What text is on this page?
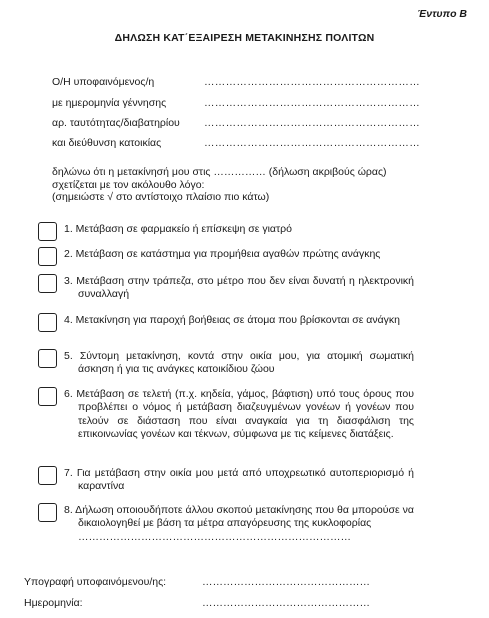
Έντυπο Β
ΔΗΛΩΣΗ ΚΑΤ΄ΕΞΑΙΡΕΣΗ ΜΕΤΑΚΙΝΗΣΗΣ ΠΟΛΙΤΩΝ
Ο/Η υποφαινόμενος/η	……………………………………………………
με ημερομηνία γέννησης	……………………………………………………
αρ. ταυτότητας/διαβατηρίου ……………………………………………………
και διεύθυνση κατοικίας	……………………………………………………
δηλώνω ότι η μετακίνησή μου στις …………… (δήλωση ακριβούς ώρας)
σχετίζεται με τον ακόλουθο λόγο:
(σημειώστε √ στο αντίστοιχο πλαίσιο πιο κάτω)
1. Μετάβαση σε φαρμακείο ή επίσκεψη σε γιατρό
2. Μετάβαση σε κατάστημα για προμήθεια αγαθών πρώτης ανάγκης
3. Μετάβαση στην τράπεζα, στο μέτρο που δεν είναι δυνατή η ηλεκτρονική συναλλαγή
4. Μετακίνηση για παροχή βοήθειας σε άτομα που βρίσκονται σε ανάγκη
5. Σύντομη μετακίνηση, κοντά στην οικία μου, για ατομική σωματική άσκηση ή για τις ανάγκες κατοικίδιου ζώου
6. Μετάβαση σε τελετή (π.χ. κηδεία, γάμος, βάφτιση) υπό τους όρους που προβλέπει ο νόμος ή μετάβαση διαζευγμένων γονέων ή γονέων που τελούν σε διάσταση που είναι αναγκαία για τη διασφάλιση της επικοινωνίας γονέων και τέκνων, σύμφωνα με τις κείμενες διατάξεις.
7. Για μετάβαση στην οικία μου μετά από υποχρεωτικό αυτοπεριορισμό ή καραντίνα
8. Δήλωση οποιουδήποτε άλλου σκοπού μετακίνησης που θα μπορούσε να δικαιολογηθεί με βάση τα μέτρα απαγόρευσης της κυκλοφορίας
……………………………………………………………………
Υπογραφή υποφαινόμενου/ης:	…………………………………………
Ημερομηνία:	…………………………………………
